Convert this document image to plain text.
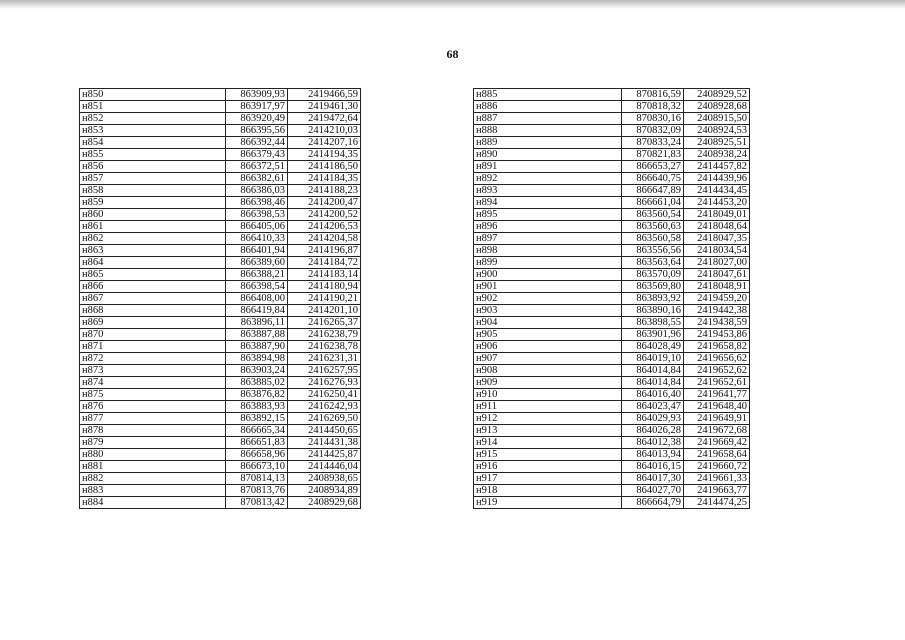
68
н850	863909,93	2419466,59
н851	863917,97	2419461,30
н852	863920,49	2419472,64
н853	866395,56	2414210,03
н854	866392,44	2414207,16
н855	866379,43	2414194,35
н856	866372,51	2414186,50
н857	866382,61	2414184,35
н858	866386,03	2414188,23
н859	866398,46	2414200,47
н860	866398,53	2414200,52
н861	866405,06	2414206,53
н862	866410,33	2414204,58
н863	866401,94	2414196,87
н864	866389,60	2414184,72
н865	866388,21	2414183,14
н866	866398,54	2414180,94
н867	866408,00	2414190,21
н868	866419,84	2414201,10
н869	863896,11	2416265,37
н870	863887,88	2416238,79
н871	863887,90	2416238,78
н872	863894,98	2416231,31
н873	863903,24	2416257,95
н874	863885,02	2416276,93
н875	863876,82	2416250,41
н876	863883,93	2416242,93
н877	863892,15	2416269,50
н878	866665,34	2414450,65
н879	866651,83	2414431,38
н880	866658,96	2414425,87
н881	866673,10	2414446,04
н882	870814,13	2408938,65
н883	870813,76	2408934,89
н884	870813,42	2408929,68
н885	870816,59	2408929,52
н886	870818,32	2408928,68
н887	870830,16	2408915,50
н888	870832,09	2408924,53
н889	870833,24	2408925,51
н890	870821,83	2408938,24
н891	866653,27	2414457,82
н892	866640,75	2414439,96
н893	866647,89	2414434,45
н894	866661,04	2414453,20
н895	863560,54	2418049,01
н896	863560,63	2418048,64
н897	863560,58	2418047,35
н898	863556,56	2418034,54
н899	863563,64	2418027,00
н900	863570,09	2418047,61
н901	863569,80	2418048,91
н902	863893,92	2419459,20
н903	863890,16	2419442,38
н904	863898,55	2419438,59
н905	863901,96	2419453,86
н906	864028,49	2419658,82
н907	864019,10	2419656,62
н908	864014,84	2419652,62
н909	864014,84	2419652,61
н910	864016,40	2419641,77
н911	864023,47	2419648,40
н912	864029,93	2419649,91
н913	864026,28	2419672,68
н914	864012,38	2419669,42
н915	864013,94	2419658,64
н916	864016,15	2419660,72
н917	864017,30	2419661,33
н918	864027,70	2419663,77
н919	866664,79	2414474,25
